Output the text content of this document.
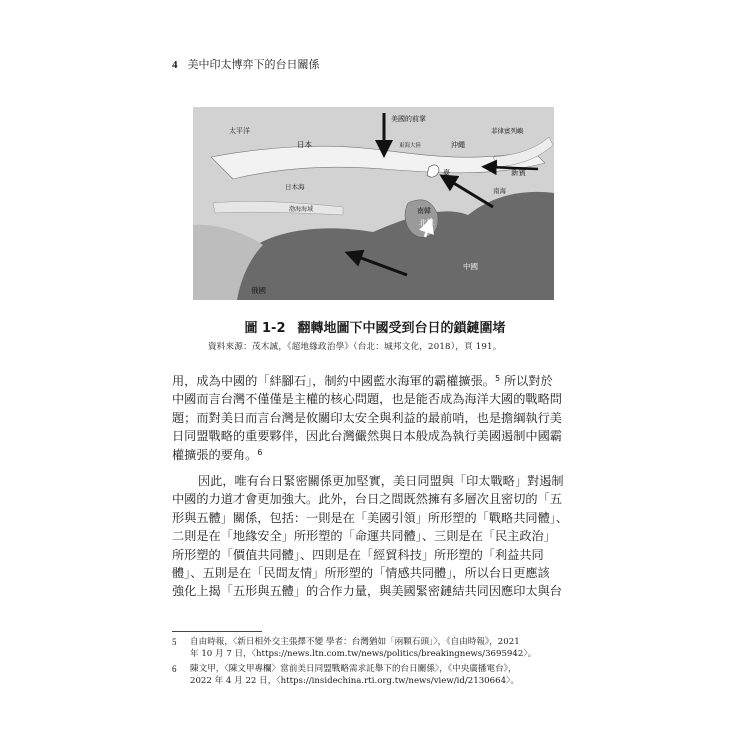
4 美中印太博弈下的台日關係
美國的前掌
太平洋
日本	沖繩
菲律賓列嶼
東海大陸
日本海
渤海海域	南韓
臺
北韓
新賓
南海
中國
俄國
圖 1-2 翻轉地圖下中國受到台日的鎖鏈圍堵
資料來源：茂木誠，《超地緣政治學》（台北：城邦文化，2018），頁 191。
用，成為中國的「絆腳石」，制約中國藍水海軍的霸權擴張。$^5$ 所以對於
中國而言台灣不僅僅是主權的核心問題，也是能否成為海洋大國的戰略問
題；而對美日而言台灣是攸關印太安全與利益的最前哨，也是擔綱執行美
日同盟戰略的重要夥伴，因此台灣儼然與日本般成為執行美國遏制中國霸
權擴張的要角。$^6$
因此，唯有台日緊密關係更加堅實，美日同盟與「印太戰略」對遏制
中國的力道才會更加強大。此外，台日之間既然擁有多層次且密切的「五
形與五體」關係，包括：一則是在「美國引領」所形塑的「戰略共同體」、
二則是在「地緣安全」所形塑的「命運共同體」、三則是在「民主政治」
所形塑的「價值共同體」、四則是在「經貿科技」所形塑的「利益共同
體」、五則是在「民間友情」所形塑的「情感共同體」，所以台日更應該
強化上揭「五形與五體」的合作力量，與美國緊密鏈結共同因應印太與台
5	自由時報，〈新日相外交主張擇不變 學者：台灣猶如「兩顆石頭」〉，《自由時報》，2021
年 10 月 7 日，〈https://news.ltn.com.tw/news/politics/breakingnews/3695942〉。
6	陳文甲，〈陳文甲專欄〉當前美日同盟戰略需求託舉下的台日關係〉，《中央廣播電台》，
2022 年 4 月 22 日，〈https://insidechina.rti.org.tw/news/view/id/2130664〉。
